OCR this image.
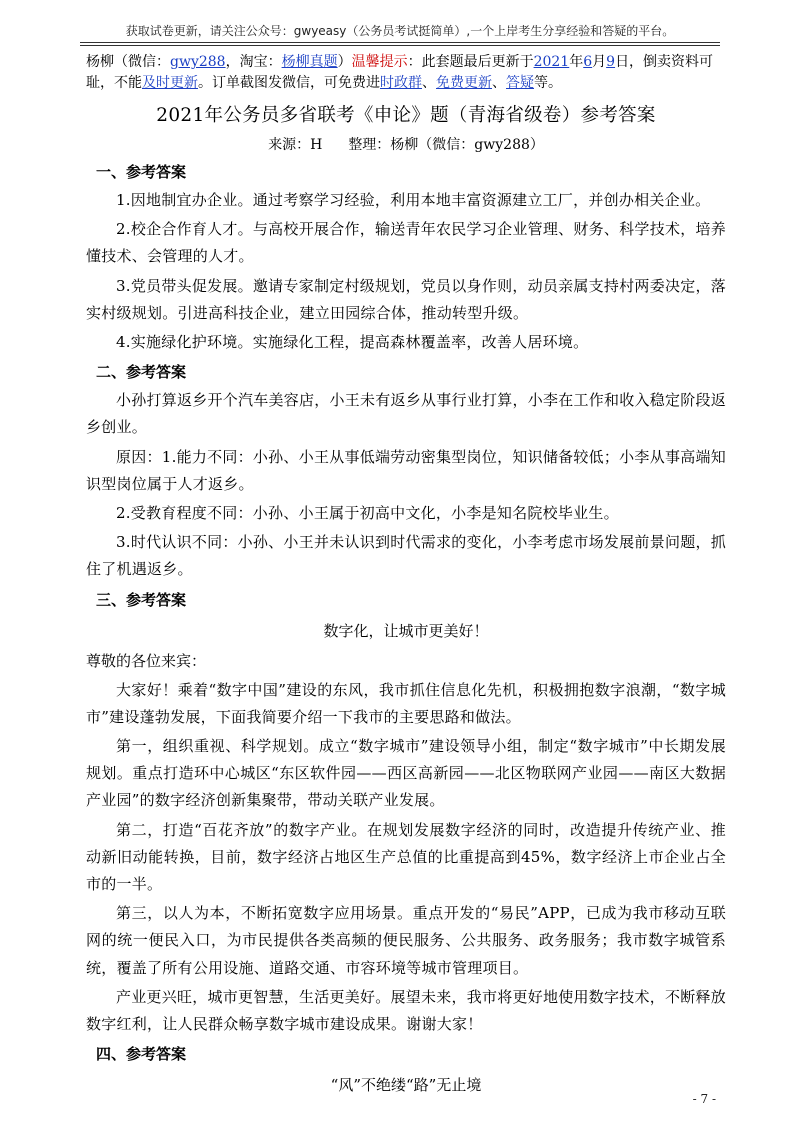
获取试卷更新，请关注公众号：gwyeasy（公务员考试挺简单）,一个上岸考生分享经验和答疑的平台。
杨柳（微信：gwy288，淘宝：杨柳真题）温馨提示：此套题最后更新于2021年6月9日，倒卖资料可耻，不能及时更新。订单截图发微信，可免费进时政群、免费更新、答疑等。
2021年公务员多省联考《申论》题（青海省级卷）参考答案
来源：H 整理：杨柳（微信：gwy288）
一、参考答案

1.因地制宜办企业。通过考察学习经验，利用本地丰富资源建立工厂，并创办相关企业。

2.校企合作育人才。与高校开展合作，输送青年农民学习企业管理、财务、科学技术，培养懂技术、会管理的人才。

3.党员带头促发展。邀请专家制定村级规划，党员以身作则，动员亲属支持村两委决定，落实村级规划。引进高科技企业，建立田园综合体，推动转型升级。

4.实施绿化护环境。实施绿化工程，提高森林覆盖率，改善人居环境。

二、参考答案

小孙打算返乡开个汽车美容店，小王未有返乡从事行业打算，小李在工作和收入稳定阶段返乡创业。

原因：1.能力不同：小孙、小王从事低端劳动密集型岗位，知识储备较低；小李从事高端知识型岗位属于人才返乡。

2.受教育程度不同：小孙、小王属于初高中文化，小李是知名院校毕业生。

3.时代认识不同：小孙、小王并未认识到时代需求的变化，小李考虑市场发展前景问题，抓住了机遇返乡。

三、参考答案
数字化，让城市更美好！
尊敬的各位来宾：

大家好！乘着“数字中国”建设的东风，我市抓住信息化先机，积极拥抱数字浪潮，“数字城市”建设蓬勃发展，下面我简要介绍一下我市的主要思路和做法。

第一，组织重视、科学规划。成立“数字城市”建设领导小组，制定“数字城市”中长期发展规划。重点打造环中心城区“东区软件园——西区高新园——北区物联网产业园——南区大数据产业园”的数字经济创新集聚带，带动关联产业发展。

第二，打造“百花齐放”的数字产业。在规划发展数字经济的同时，改造提升传统产业、推动新旧动能转换，目前，数字经济占地区生产总值的比重提高到45%，数字经济上市企业占全市的一半。

第三，以人为本，不断拓宽数字应用场景。重点开发的“易民”APP，已成为我市移动互联网的统一便民入口，为市民提供各类高频的便民服务、公共服务、政务服务；我市数字城管系统，覆盖了所有公用设施、道路交通、市容环境等城市管理项目。

产业更兴旺，城市更智慧，生活更美好。展望未来，我市将更好地使用数字技术，不断释放数字红利，让人民群众畅享数字城市建设成果。谢谢大家！

四、参考答案
“风”不绝缕“路”无止境
- 7 -
